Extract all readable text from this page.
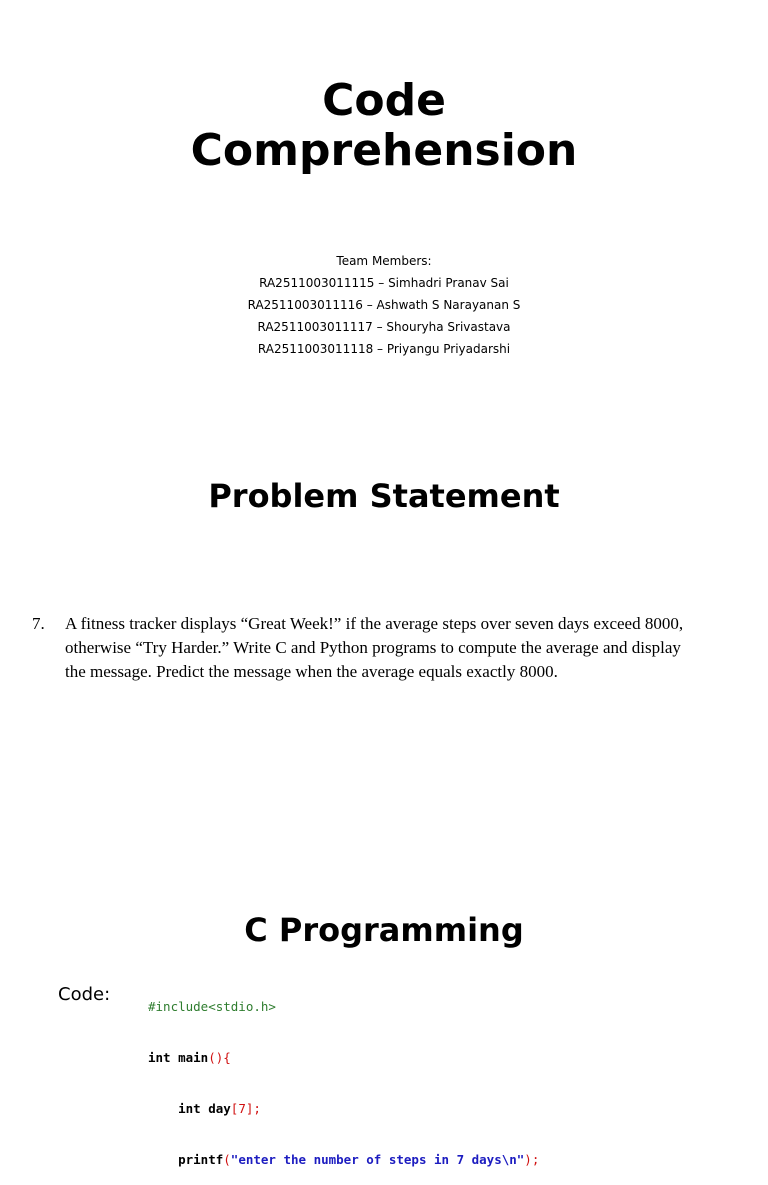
Code
Comprehension
Team Members:
RA2511003011115 – Simhadri Pranav Sai
RA2511003011116 – Ashwath S Narayanan S
RA2511003011117 – Shouryha Srivastava
RA2511003011118 – Priyangu Priyadarshi
Problem Statement
7.	A fitness tracker displays “Great Week!” if the average steps over seven days exceed 8000,
otherwise “Try Harder.” Write C and Python programs to compute the average and display
the message. Predict the message when the average equals exactly 8000.
C Programming
Code:

#include<stdio.h>

int main(){

int day[7];

printf("enter the number of steps in 7 days\n");
